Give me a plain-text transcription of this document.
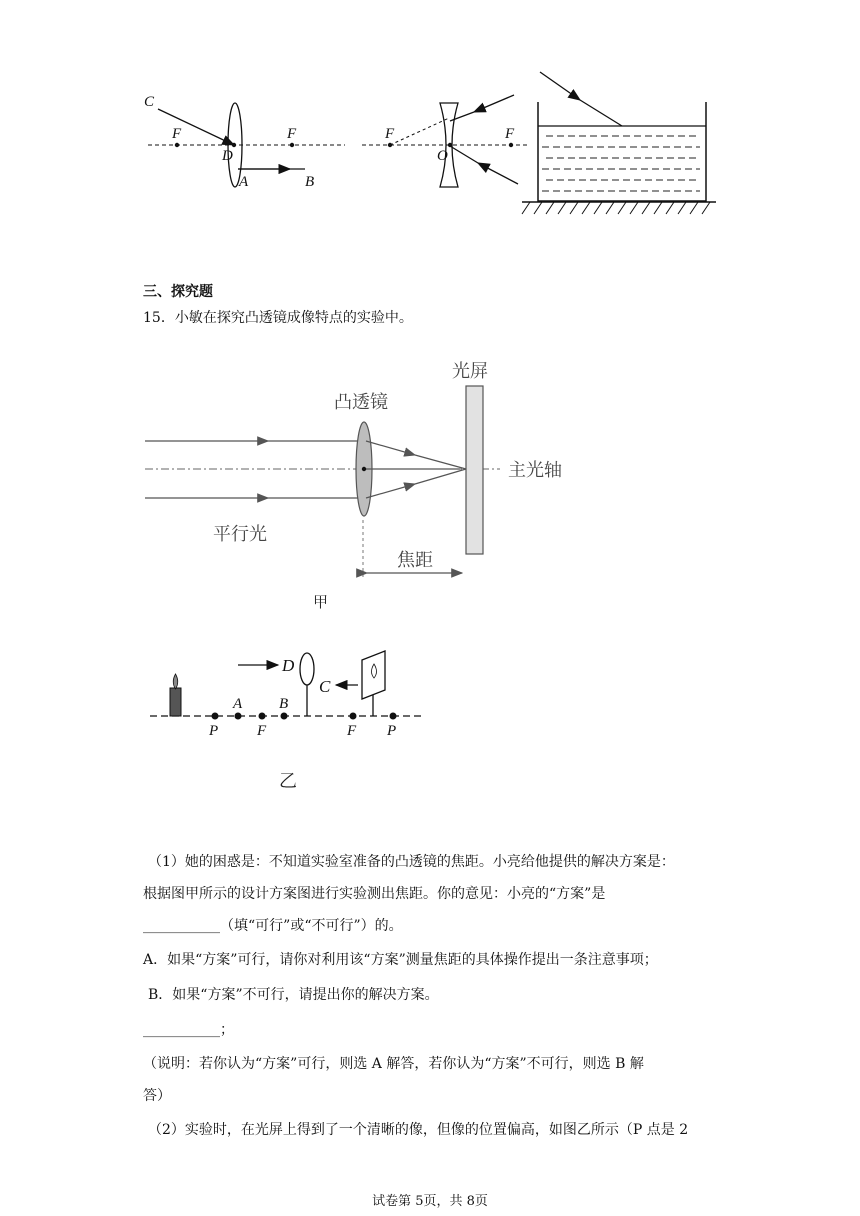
C
F	F
D
A	B
F	F
O
三、探究题
15．小敏在探究凸透镜成像特点的实验中。
光屏
凸透镜
主光轴
平行光
焦距
甲
D
C
A B
P	F	F P
乙
（1）她的困惑是：不知道实验室准备的凸透镜的焦距。小亮给他提供的解决方案是：
根据图甲所示的设计方案图进行实验测出焦距。你的意见：小亮的“方案”是
___________（填“可行”或“不可行”）的。
A．如果“方案”可行，请你对利用该“方案”测量焦距的具体操作提出一条注意事项；
B．如果“方案”不可行，请提出你的解决方案。
___________；
（说明：若你认为“方案”可行，则选 A 解答，若你认为“方案”不可行，则选 B 解
答）
（2）实验时，在光屏上得到了一个清晰的像，但像的位置偏高，如图乙所示（P 点是 2
试卷第 5页，共 8页
